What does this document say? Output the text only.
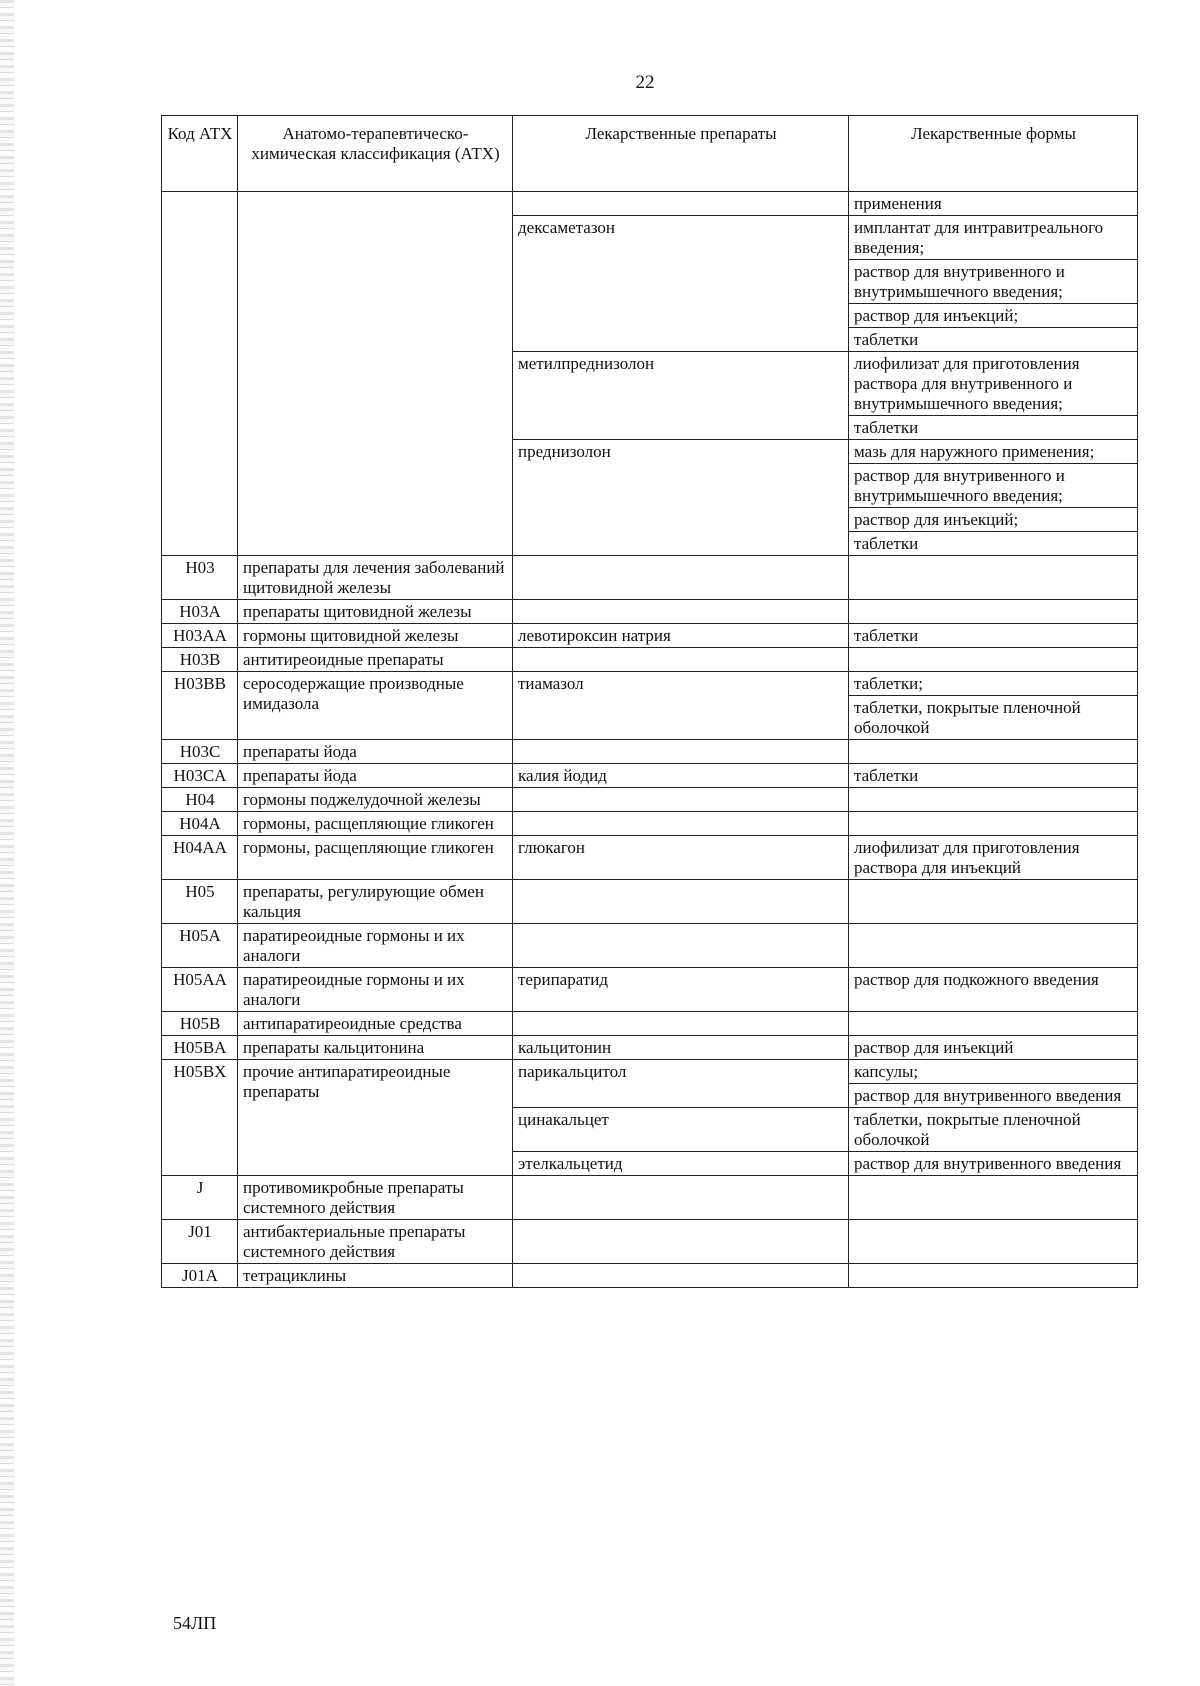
22
Код АТХ	Анатомо-терапевтическо-химическая классификация (АТХ)	Лекарственные препараты	Лекарственные формы
			применения
		дексаметазон	имплантат для интравитреального введения;
			раствор для внутривенного и внутримышечного введения;
			раствор для инъекций;
			таблетки
		метилпреднизолон	лиофилизат для приготовления раствора для внутривенного и внутримышечного введения;
			таблетки
		преднизолон	мазь для наружного применения;
			раствор для внутривенного и внутримышечного введения;
			раствор для инъекций;
			таблетки
H03	препараты для лечения заболеваний щитовидной железы		
H03A	препараты щитовидной железы		
H03AA	гормоны щитовидной железы	левотироксин натрия	таблетки
H03B	антитиреоидные препараты		
H03BB	серосодержащие производные имидазола	тиамазол	таблетки;
			таблетки, покрытые пленочной оболочкой
H03C	препараты йода		
H03CA	препараты йода	калия йодид	таблетки
H04	гормоны поджелудочной железы		
H04A	гормоны, расщепляющие гликоген		
H04AA	гормоны, расщепляющие гликоген	глюкагон	лиофилизат для приготовления раствора для инъекций
H05	препараты, регулирующие обмен кальция		
H05A	паратиреоидные гормоны и их аналоги		
H05AA	паратиреоидные гормоны и их аналоги	терипаратид	раствор для подкожного введения
H05B	антипаратиреоидные средства		
H05BA	препараты кальцитонина	кальцитонин	раствор для инъекций
H05BX	прочие антипаратиреоидные препараты	парикальцитол	капсулы;
			раствор для внутривенного введения
		цинакальцет	таблетки, покрытые пленочной оболочкой
		этелкальцетид	раствор для внутривенного введения
J	противомикробные препараты системного действия		
J01	антибактериальные препараты системного действия		
J01A	тетрациклины		
54ЛП
